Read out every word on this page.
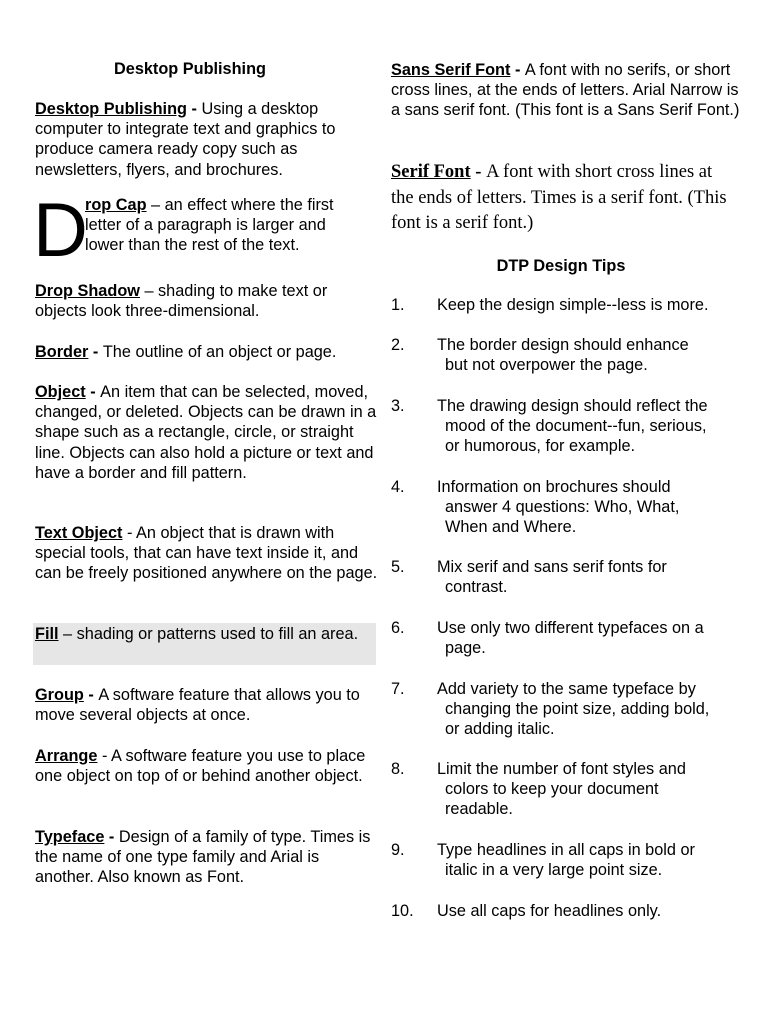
Desktop Publishing
Desktop Publishing - Using a desktop computer to integrate text and graphics to produce camera ready copy such as newsletters, flyers, and brochures.
D
rop Cap – an effect where the first
letter of a paragraph is larger and
lower than the rest of the text.
Drop Shadow – shading to make text or objects look three-dimensional.
Border - The outline of an object or page.
Object - An item that can be selected, moved, changed, or deleted. Objects can be drawn in a shape such as a rectangle, circle, or straight line. Objects can also hold a picture or text and have a border and fill pattern.
Text Object - An object that is drawn with special tools, that can have text inside it, and can be freely positioned anywhere on the page.
Fill – shading or patterns used to fill an area.
Group - A software feature that allows you to move several objects at once.
Arrange - A software feature you use to place one object on top of or behind another object.
Typeface - Design of a family of type. Times is the name of one type family and Arial is another. Also known as Font.
Sans Serif Font - A font with no serifs, or short cross lines, at the ends of letters. Arial Narrow is a sans serif font. (This font is a Sans Serif Font.)
Serif Font - A font with short cross lines at the ends of letters. Times is a serif font. (This font is a serif font.)
DTP Design Tips
1. Keep the design simple--less is more.
2. The border design should enhance
but not overpower the page.
3. The drawing design should reflect the
mood of the document--fun, serious,
or humorous, for example.
4. Information on brochures should
answer 4 questions: Who, What,
When and Where.
5. Mix serif and sans serif fonts for
contrast.
6. Use only two different typefaces on a
page.
7. Add variety to the same typeface by
changing the point size, adding bold,
or adding italic.
8. Limit the number of font styles and
colors to keep your document
readable.
9. Type headlines in all caps in bold or
italic in a very large point size.
10. Use all caps for headlines only.
